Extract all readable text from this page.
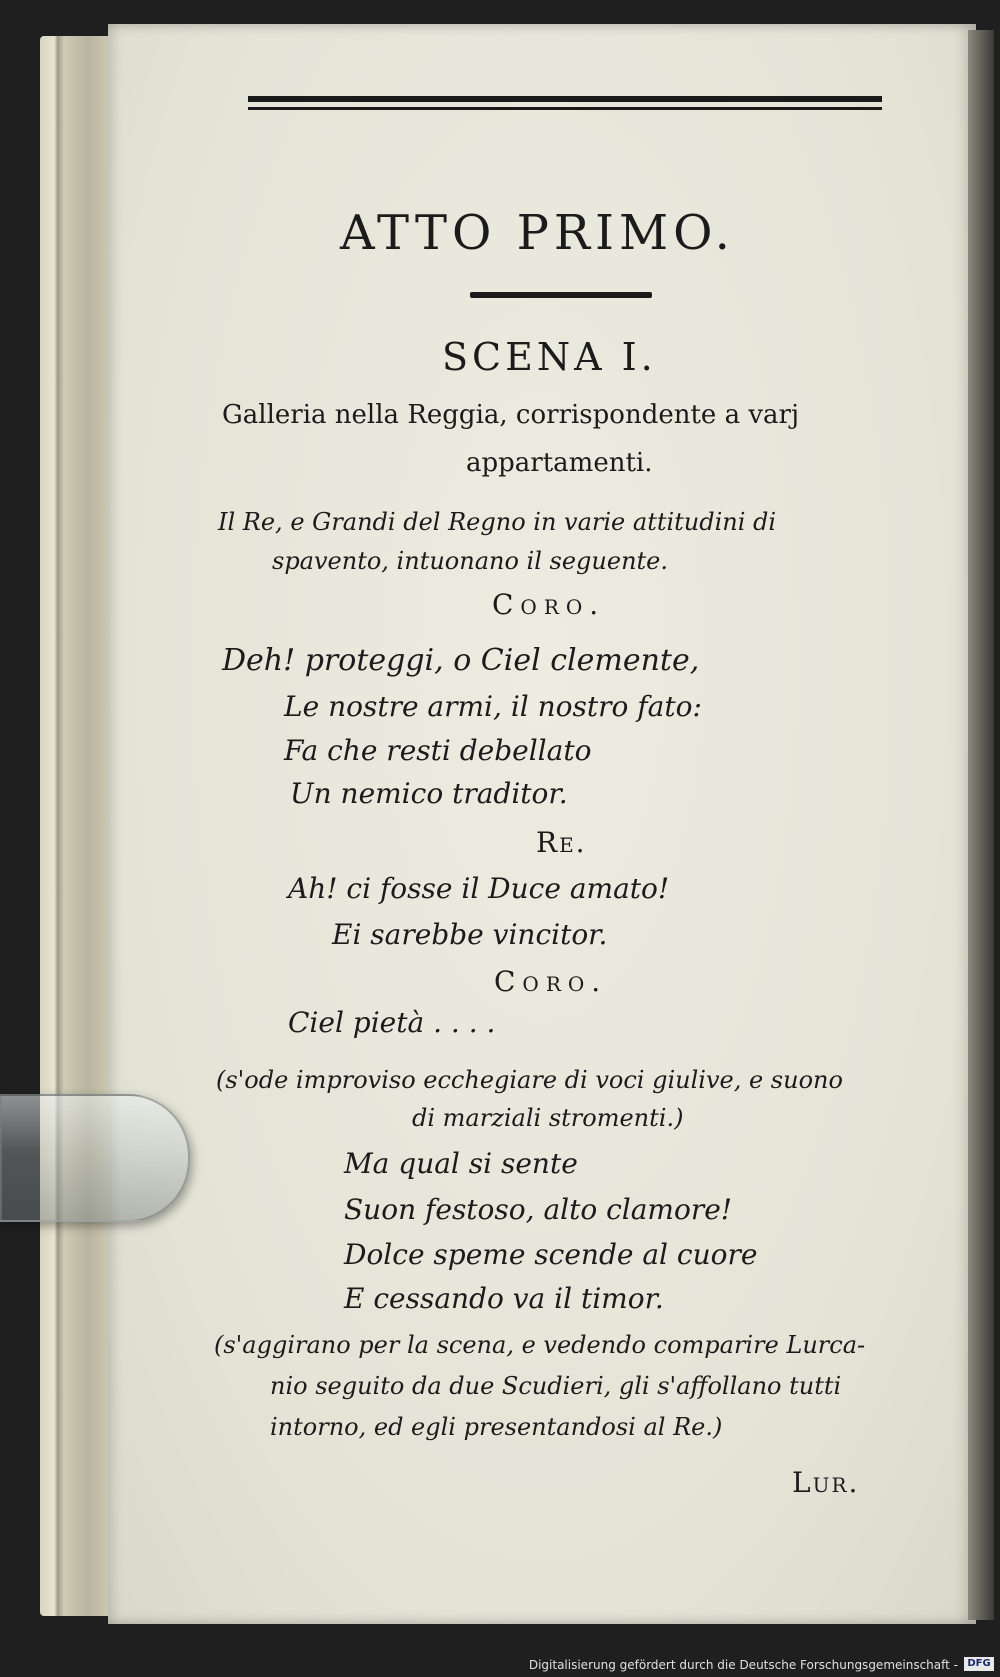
ATTO PRIMO.
SCENA I.
Galleria nella Reggia, corrispondente a varj
appartamenti.
Il Re, e Grandi del Regno in varie attitudini di
spavento, intuonano il seguente.
Coro.
Deh! proteggi, o Ciel clemente,
Le nostre armi, il nostro fato:
Fa che resti debellato
Un nemico traditor.
Re.
Ah! ci fosse il Duce amato!
Ei sarebbe vincitor.
Coro.
Ciel pietà . . . .
(s'ode improviso ecchegiare di voci giulive, e suono
di marziali stromenti.)
Ma qual si sente
Suon festoso, alto clamore!
Dolce speme scende al cuore
E cessando va il timor.
(s'aggirano per la scena, e vedendo comparire Lurca-
nio seguito da due Scudieri, gli s'affollano tutti
intorno, ed egli presentandosi al Re.)
Lur.
Digitalisierung gefördert durch die Deutsche Forschungsgemeinschaft - DFG
